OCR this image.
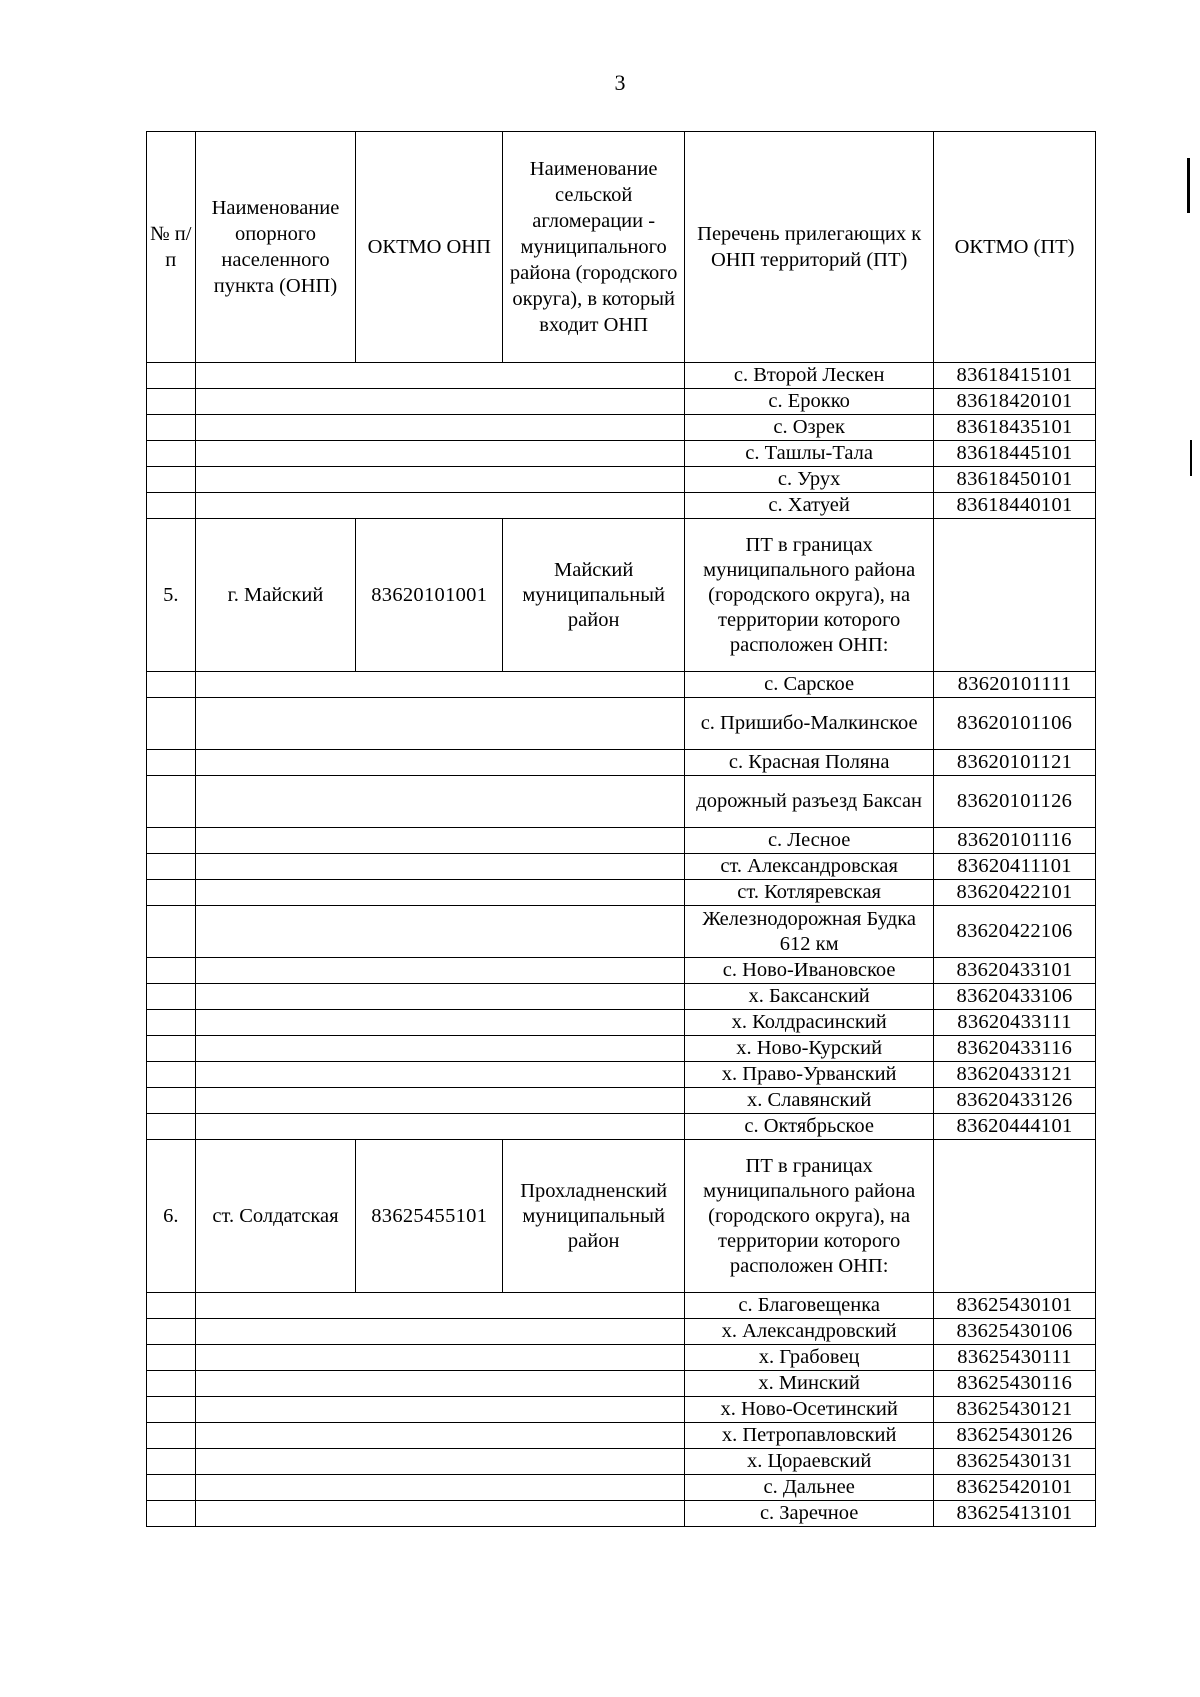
3
№ п/п	Наименование опорного населенного пункта (ОНП)	ОКТМО ОНП	Наименование сельской агломерации - муниципального района (городского округа), в который входит ОНП	Перечень прилегающих к ОНП территорий (ПТ)	ОКТМО (ПТ)
				с. Второй Лескен	83618415101
				с. Ерокко	83618420101
				с. Озрек	83618435101
				с. Ташлы-Тала	83618445101
				с. Урух	83618450101
				с. Хатуей	83618440101
5.	г. Майский	83620101001	Майский муниципальный район	ПТ в границах муниципального района (городского округа), на территории которого расположен ОНП:	
				с. Сарское	83620101111
				с. Пришибо-Малкинское	83620101106
				с. Красная Поляна	83620101121
				дорожный разъезд Баксан	83620101126
				с. Лесное	83620101116
				ст. Александровская	83620411101
				ст. Котляревская	83620422101
				Железнодорожная Будка 612 км	83620422106
				с. Ново-Ивановское	83620433101
				х. Баксанский	83620433106
				х. Колдрасинский	83620433111
				х. Ново-Курский	83620433116
				х. Право-Урванский	83620433121
				х. Славянский	83620433126
				с. Октябрьское	83620444101
6.	ст. Солдатская	83625455101	Прохладненский муниципальный район	ПТ в границах муниципального района (городского округа), на территории которого расположен ОНП:	
				с. Благовещенка	83625430101
				х. Александровский	83625430106
				х. Грабовец	83625430111
				х. Минский	83625430116
				х. Ново-Осетинский	83625430121
				х. Петропавловский	83625430126
				х. Цораевский	83625430131
				с. Дальнее	83625420101
				с. Заречное	83625413101
